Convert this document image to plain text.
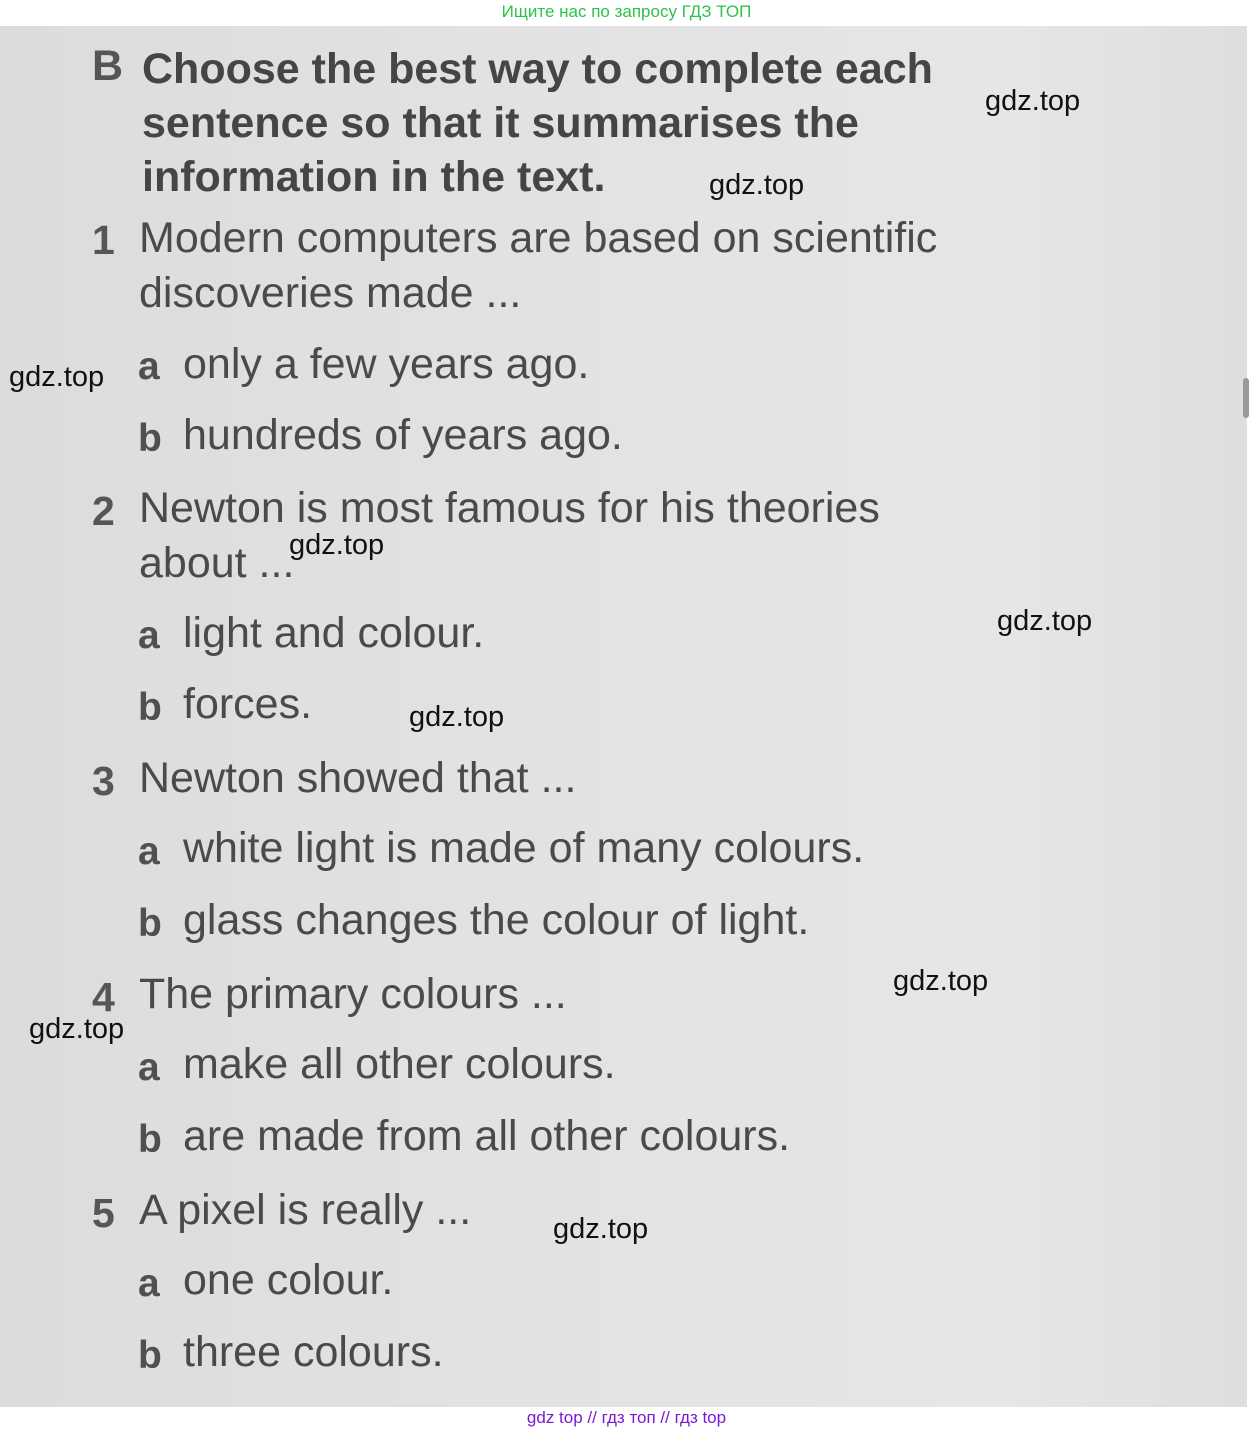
Ищите нас по запросу ГДЗ ТОП
B Choose the best way to complete each
sentence so that it summarises the
information in the text.

1 Modern computers are based on scientific
discoveries made ...

a only a few years ago.
b hundreds of years ago.
2 Newton is most famous for his theories
about ...

a light and colour.
b forces.
3 Newton showed that ...

a white light is made of many colours.
b glass changes the colour of light.
4 The primary colours ...

a make all other colours.
b are made from all other colours.
5 A pixel is really ...

a one colour.
b three colours.
gdz.top
gdz.top
gdz.top
gdz.top
gdz.top
gdz.top
gdz.top
gdz.top
gdz.top
gdz top // гдз топ // гдз top
